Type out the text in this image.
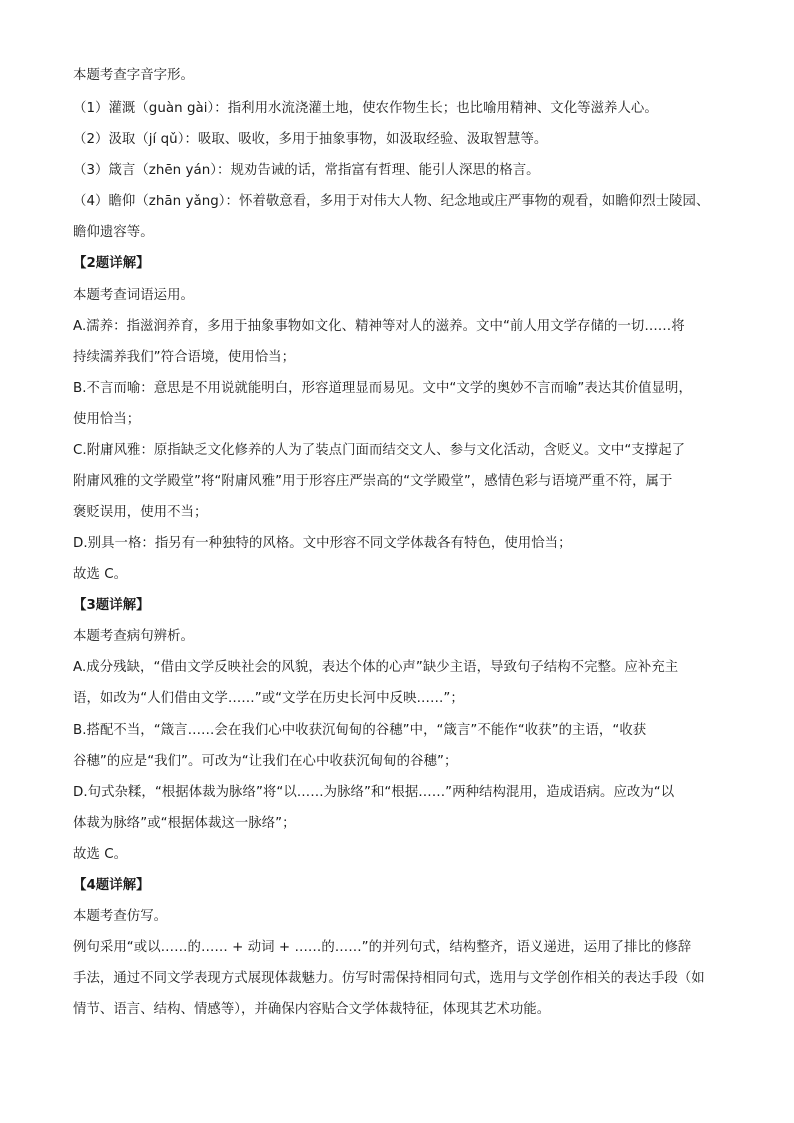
本题考查字音字形。
（1）灌溉（guàn gài）：指利用水流浇灌土地，使农作物生长；也比喻用精神、文化等滋养人心。
（2）汲取（jí qǔ）：吸取、吸收，多用于抽象事物，如汲取经验、汲取智慧等。
（3）箴言（zhēn yán）：规劝告诫的话，常指富有哲理、能引人深思的格言。
（4）瞻仰（zhān yǎng）：怀着敬意看，多用于对伟大人物、纪念地或庄严事物的观看，如瞻仰烈士陵园、
瞻仰遗容等。
【2题详解】
本题考查词语运用。
A.濡养：指滋润养育，多用于抽象事物如文化、精神等对人的滋养。文中“前人用文学存储的一切……将
持续濡养我们”符合语境，使用恰当；
B.不言而喻：意思是不用说就能明白，形容道理显而易见。文中“文学的奥妙不言而喻”表达其价值显明，
使用恰当；
C.附庸风雅：原指缺乏文化修养的人为了装点门面而结交文人、参与文化活动，含贬义。文中“支撑起了
附庸风雅的文学殿堂”将“附庸风雅”用于形容庄严崇高的“文学殿堂”，感情色彩与语境严重不符，属于
褒贬误用，使用不当；
D.别具一格：指另有一种独特的风格。文中形容不同文学体裁各有特色，使用恰当；
故选 C。
【3题详解】
本题考查病句辨析。
A.成分残缺，“借由文学反映社会的风貌，表达个体的心声”缺少主语，导致句子结构不完整。应补充主
语，如改为“人们借由文学……”或“文学在历史长河中反映……”；
B.搭配不当，“箴言……会在我们心中收获沉甸甸的谷穗”中，“箴言”不能作“收获”的主语，“收获
谷穗”的应是“我们”。可改为“让我们在心中收获沉甸甸的谷穗”；
D.句式杂糅，“根据体裁为脉络”将“以……为脉络”和“根据……”两种结构混用，造成语病。应改为“以
体裁为脉络”或“根据体裁这一脉络”；
故选 C。
【4题详解】
本题考查仿写。
例句采用“或以……的…… + 动词 + ……的……”的并列句式，结构整齐，语义递进，运用了排比的修辞
手法，通过不同文学表现方式展现体裁魅力。仿写时需保持相同句式，选用与文学创作相关的表达手段（如
情节、语言、结构、情感等），并确保内容贴合文学体裁特征，体现其艺术功能。
